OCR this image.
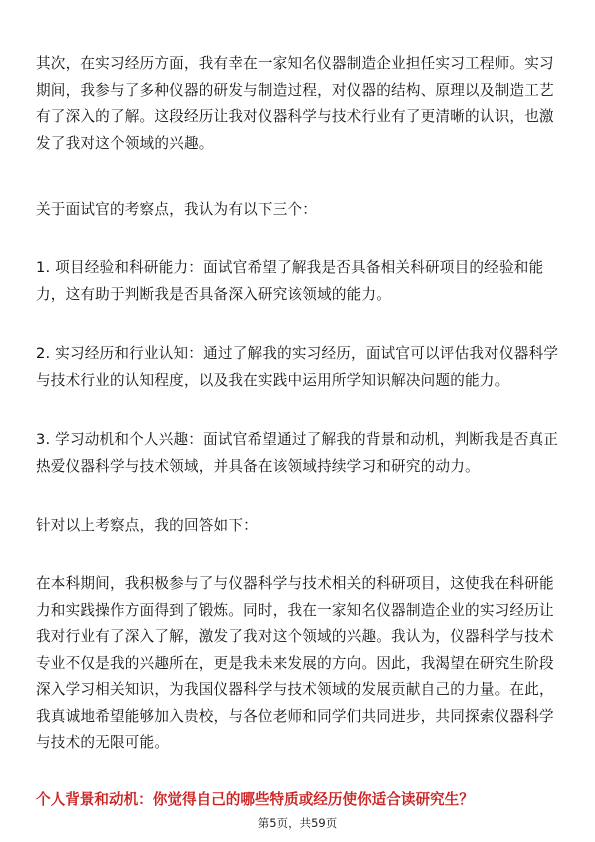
其次，在实习经历方面，我有幸在一家知名仪器制造企业担任实习工程师。实习期间，我参与了多种仪器的研发与制造过程，对仪器的结构、原理以及制造工艺有了深入的了解。这段经历让我对仪器科学与技术行业有了更清晰的认识，也激发了我对这个领域的兴趣。

关于面试官的考察点，我认为有以下三个：

1. 项目经验和科研能力：面试官希望了解我是否具备相关科研项目的经验和能力，这有助于判断我是否具备深入研究该领域的能力。

2. 实习经历和行业认知：通过了解我的实习经历，面试官可以评估我对仪器科学与技术行业的认知程度，以及我在实践中运用所学知识解决问题的能力。

3. 学习动机和个人兴趣：面试官希望通过了解我的背景和动机，判断我是否真正热爱仪器科学与技术领域，并具备在该领域持续学习和研究的动力。

针对以上考察点，我的回答如下：

在本科期间，我积极参与了与仪器科学与技术相关的科研项目，这使我在科研能力和实践操作方面得到了锻炼。同时，我在一家知名仪器制造企业的实习经历让我对行业有了深入了解，激发了我对这个领域的兴趣。我认为，仪器科学与技术专业不仅是我的兴趣所在，更是我未来发展的方向。因此，我渴望在研究生阶段深入学习相关知识，为我国仪器科学与技术领域的发展贡献自己的力量。在此，我真诚地希望能够加入贵校，与各位老师和同学们共同进步，共同探索仪器科学与技术的无限可能。

个人背景和动机：你觉得自己的哪些特质或经历使你适合读研究生？

第5页，共59页
